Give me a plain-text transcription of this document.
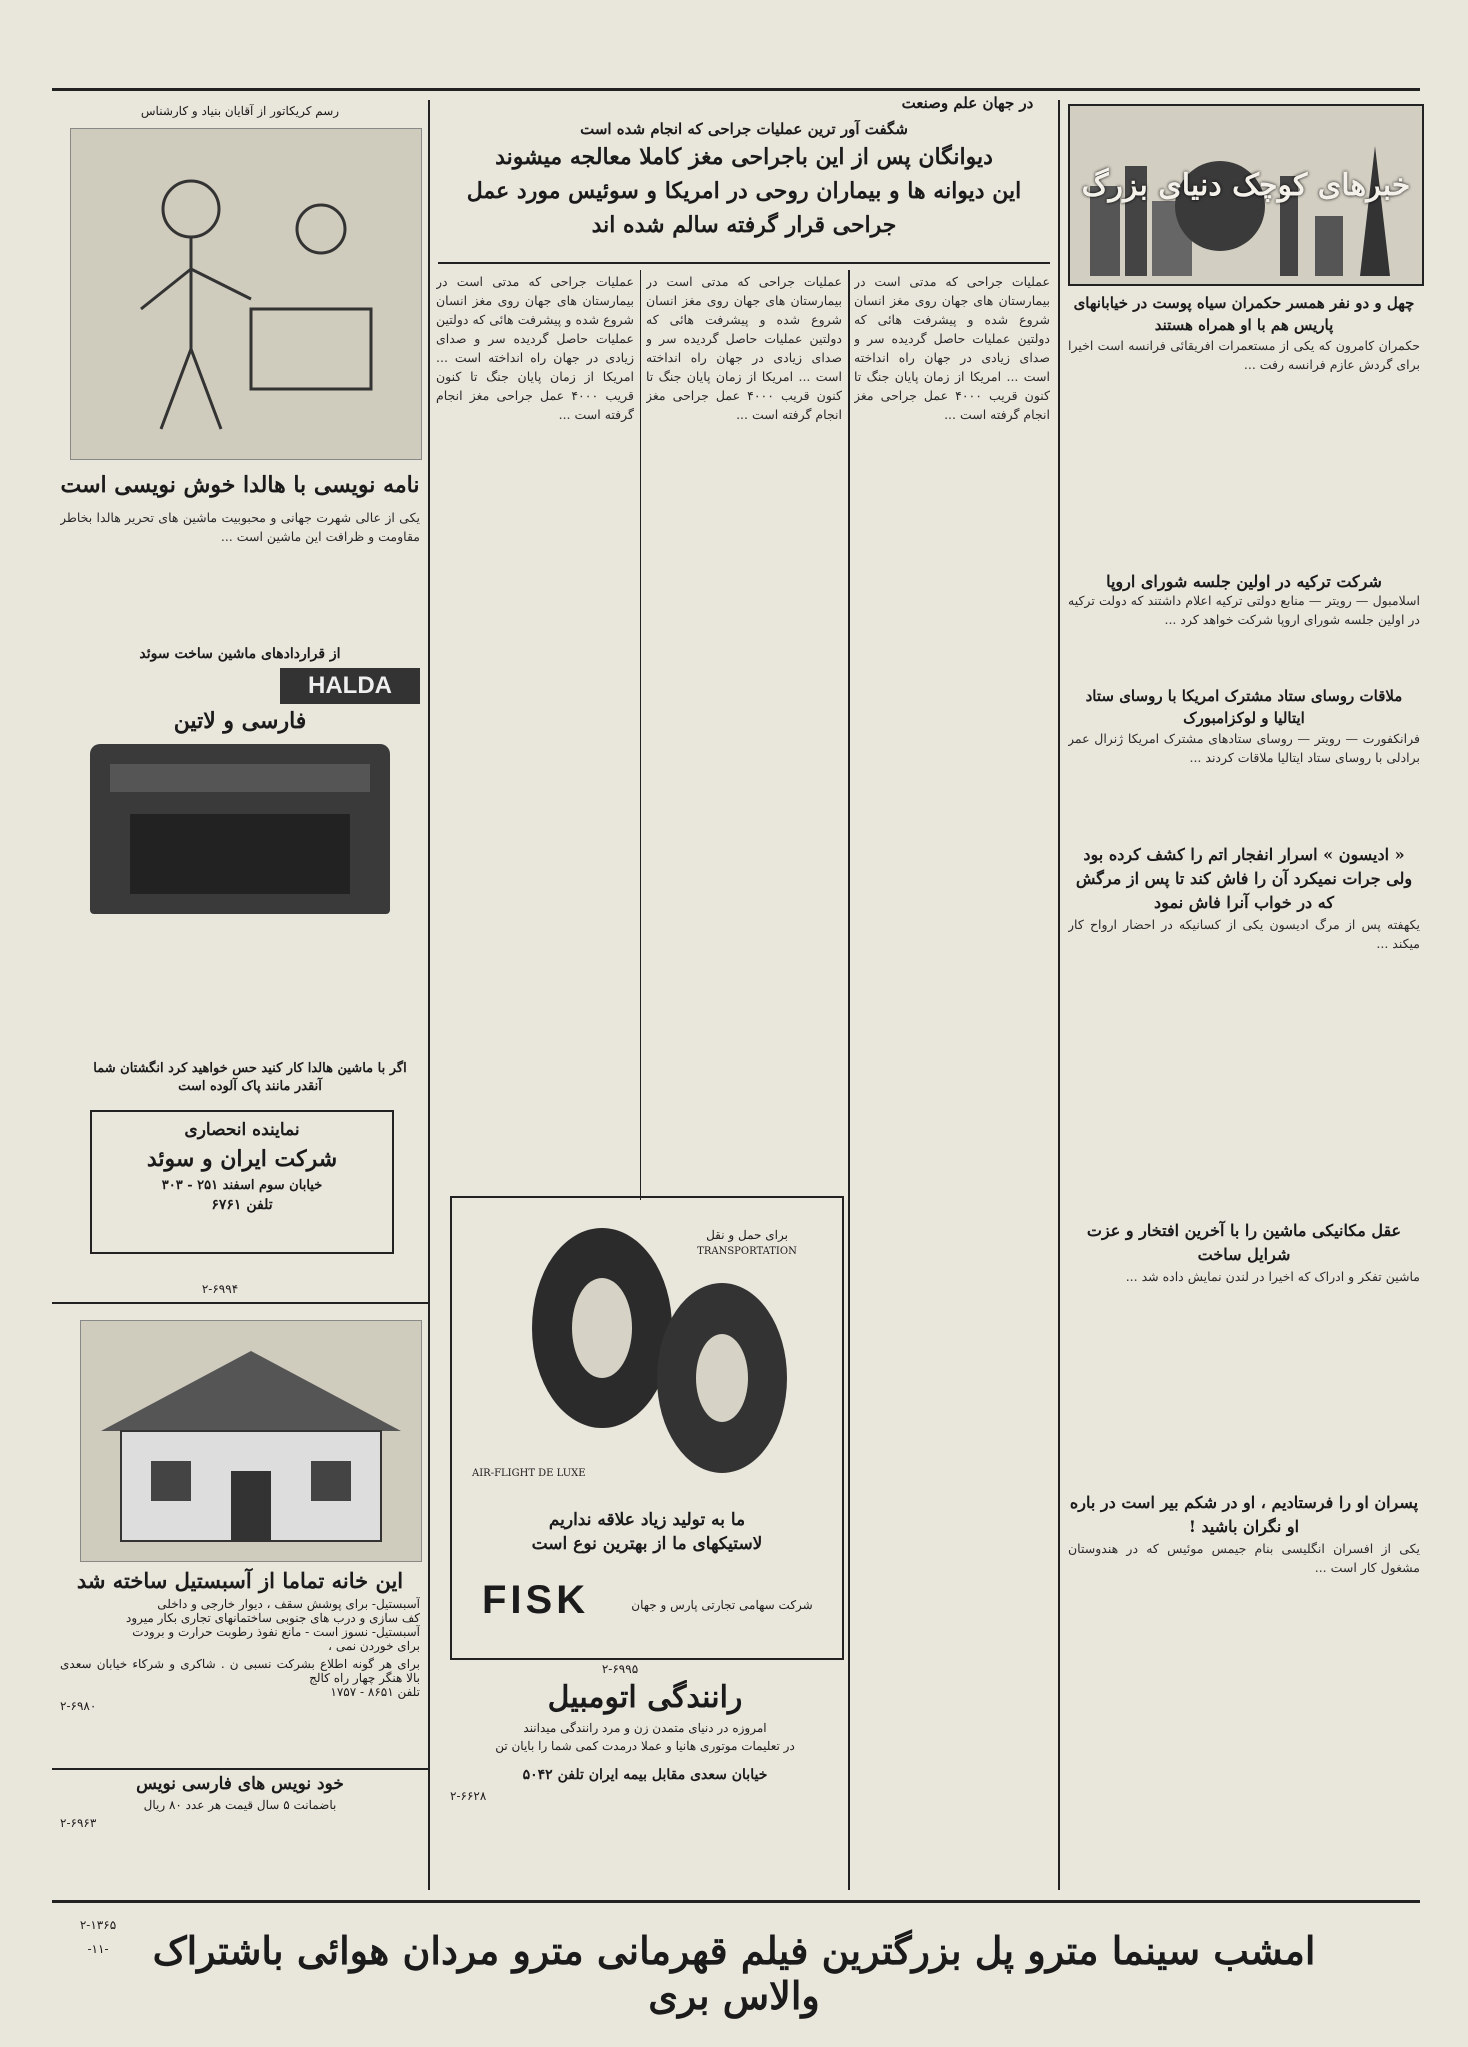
در جهان علم وصنعت
خبرهای کوچک دنیای بزرگ
چهل و دو نفر همسر حکمران سیاه پوست در خیابانهای پاریس هم با او همراه هستند
حکمران کامرون که یکی از مستعمرات افریقائی فرانسه است اخیرا برای گردش عازم فرانسه رفت ...
شرکت ترکیه در اولین جلسه شورای اروپا
اسلامبول — رویتر — منابع دولتی ترکیه اعلام داشتند که دولت ترکیه در اولین جلسه شورای اروپا شرکت خواهد کرد ...
ملاقات روسای ستاد مشترک امریکا با روسای ستاد ایتالیا و لوکزامبورک
فرانکفورت — رویتر — روسای ستادهای مشترک امریکا ژنرال عمر برادلی با روسای ستاد ایتالیا ملاقات کردند ...
« ادیسون » اسرار انفجار اتم را کشف کرده بود ولی جرات نمیکرد آن را فاش کند تا پس از مرگش که در خواب آنرا فاش نمود
یکهفته پس از مرگ ادیسون یکی از کسانیکه در احضار ارواح کار میکند ...
عقل مکانیکی ماشین را با آخرین افتخار و عزت شرایل ساخت
ماشین تفکر و ادراک که اخیرا در لندن نمایش داده شد ...
پسران او را فرستادیم ، او در شکم بیر است در باره او نگران باشید !
یکی از افسران انگلیسی بنام جیمس موئیس که در هندوستان مشغول کار است ...
شگفت آور ترین عملیات جراحی که انجام شده است
دیوانگان پس از این باجراحی مغز کاملا معالجه میشوند
این دیوانه ها و بیماران روحی در امریکا و سوئیس مورد عمل
جراحی قرار گرفته سالم شده اند
عملیات جراحی که مدتی است در بیمارستان های جهان روی مغز انسان شروع شده و پیشرفت هائی که دولتین عملیات حاصل گردیده سر و صدای زیادی در جهان راه انداخته است ... امریکا از زمان پایان جنگ تا کنون قریب ۴۰۰۰ عمل جراحی مغز انجام گرفته است ...
عملیات جراحی که مدتی است در بیمارستان های جهان روی مغز انسان شروع شده و پیشرفت هائی که دولتین عملیات حاصل گردیده سر و صدای زیادی در جهان راه انداخته است ... امریکا از زمان پایان جنگ تا کنون قریب ۴۰۰۰ عمل جراحی مغز انجام گرفته است ...
عملیات جراحی که مدتی است در بیمارستان های جهان روی مغز انسان شروع شده و پیشرفت هائی که دولتین عملیات حاصل گردیده سر و صدای زیادی در جهان راه انداخته است ... امریکا از زمان پایان جنگ تا کنون قریب ۴۰۰۰ عمل جراحی مغز انجام گرفته است ...
برای حمل و نقل
TRANSPORTATION
AIR-FLIGHT DE LUXE
ما به تولید زیاد علاقه نداریم
لاستیکهای ما از بهترین نوع است
FISK	شرکت سهامی تجارتی پارس و جهان
۲-۶۹۹۵
رانندگی اتومبیل
امروزه در دنیای متمدن زن و مرد رانندگی میدانند
در تعلیمات موتوری هانیا و عملا درمدت کمی شما را بایان تن
خیابان سعدی مقابل بیمه ایران تلفن ۵۰۴۲
۲-۶۶۲۸
رسم کریکاتور از آقایان بنیاد و کارشناس
نامه نویسی با هالدا خوش نویسی است
یکی از عالی شهرت جهانی و محبوبیت ماشین های تحریر هالدا بخاطر مقاومت و ظرافت این ماشین است ...
از قراردادهای ماشین ساخت سوئد
HALDA
فارسی و لاتین
اگر با ماشین هالدا کار کنید حس خواهید کرد انگشتان شما آنقدر مانند پاک آلوده است
نماینده انحصاری
شرکت ایران و سوئد
خیابان سوم اسفند ۲۵۱ - ۳۰۳
تلفن ۶۷۶۱
۲-۶۹۹۴
این خانه تماما از آسبستیل ساخته شد
آسبستیل- برای پوشش سقف ، دیوار خارجی و داخلی
کف سازی و درب های جنوبی ساختمانهای تجاری بکار میرود
آسبستیل- نسوز است - مانع نفوذ رطوبت حرارت و برودت
برای خوردن نمی ،
برای هر گونه اطلاع بشرکت نسبی ن . شاکری و شرکاء خیابان سعدی بالا هنگر چهار راه کالج
تلفن ۸۶۵۱ - ۱۷۵۷
۲-۶۹۸۰
خود نویس های فارسی نویس
باضمانت ۵ سال قیمت هر عدد ۸۰ ریال
۲-۶۹۶۳
امشب سینما مترو پل بزرگترین فیلم قهرمانی مترو مردان هوائی باشتراک والاس بری
۲-۱۳۶۵
-۱۱-
